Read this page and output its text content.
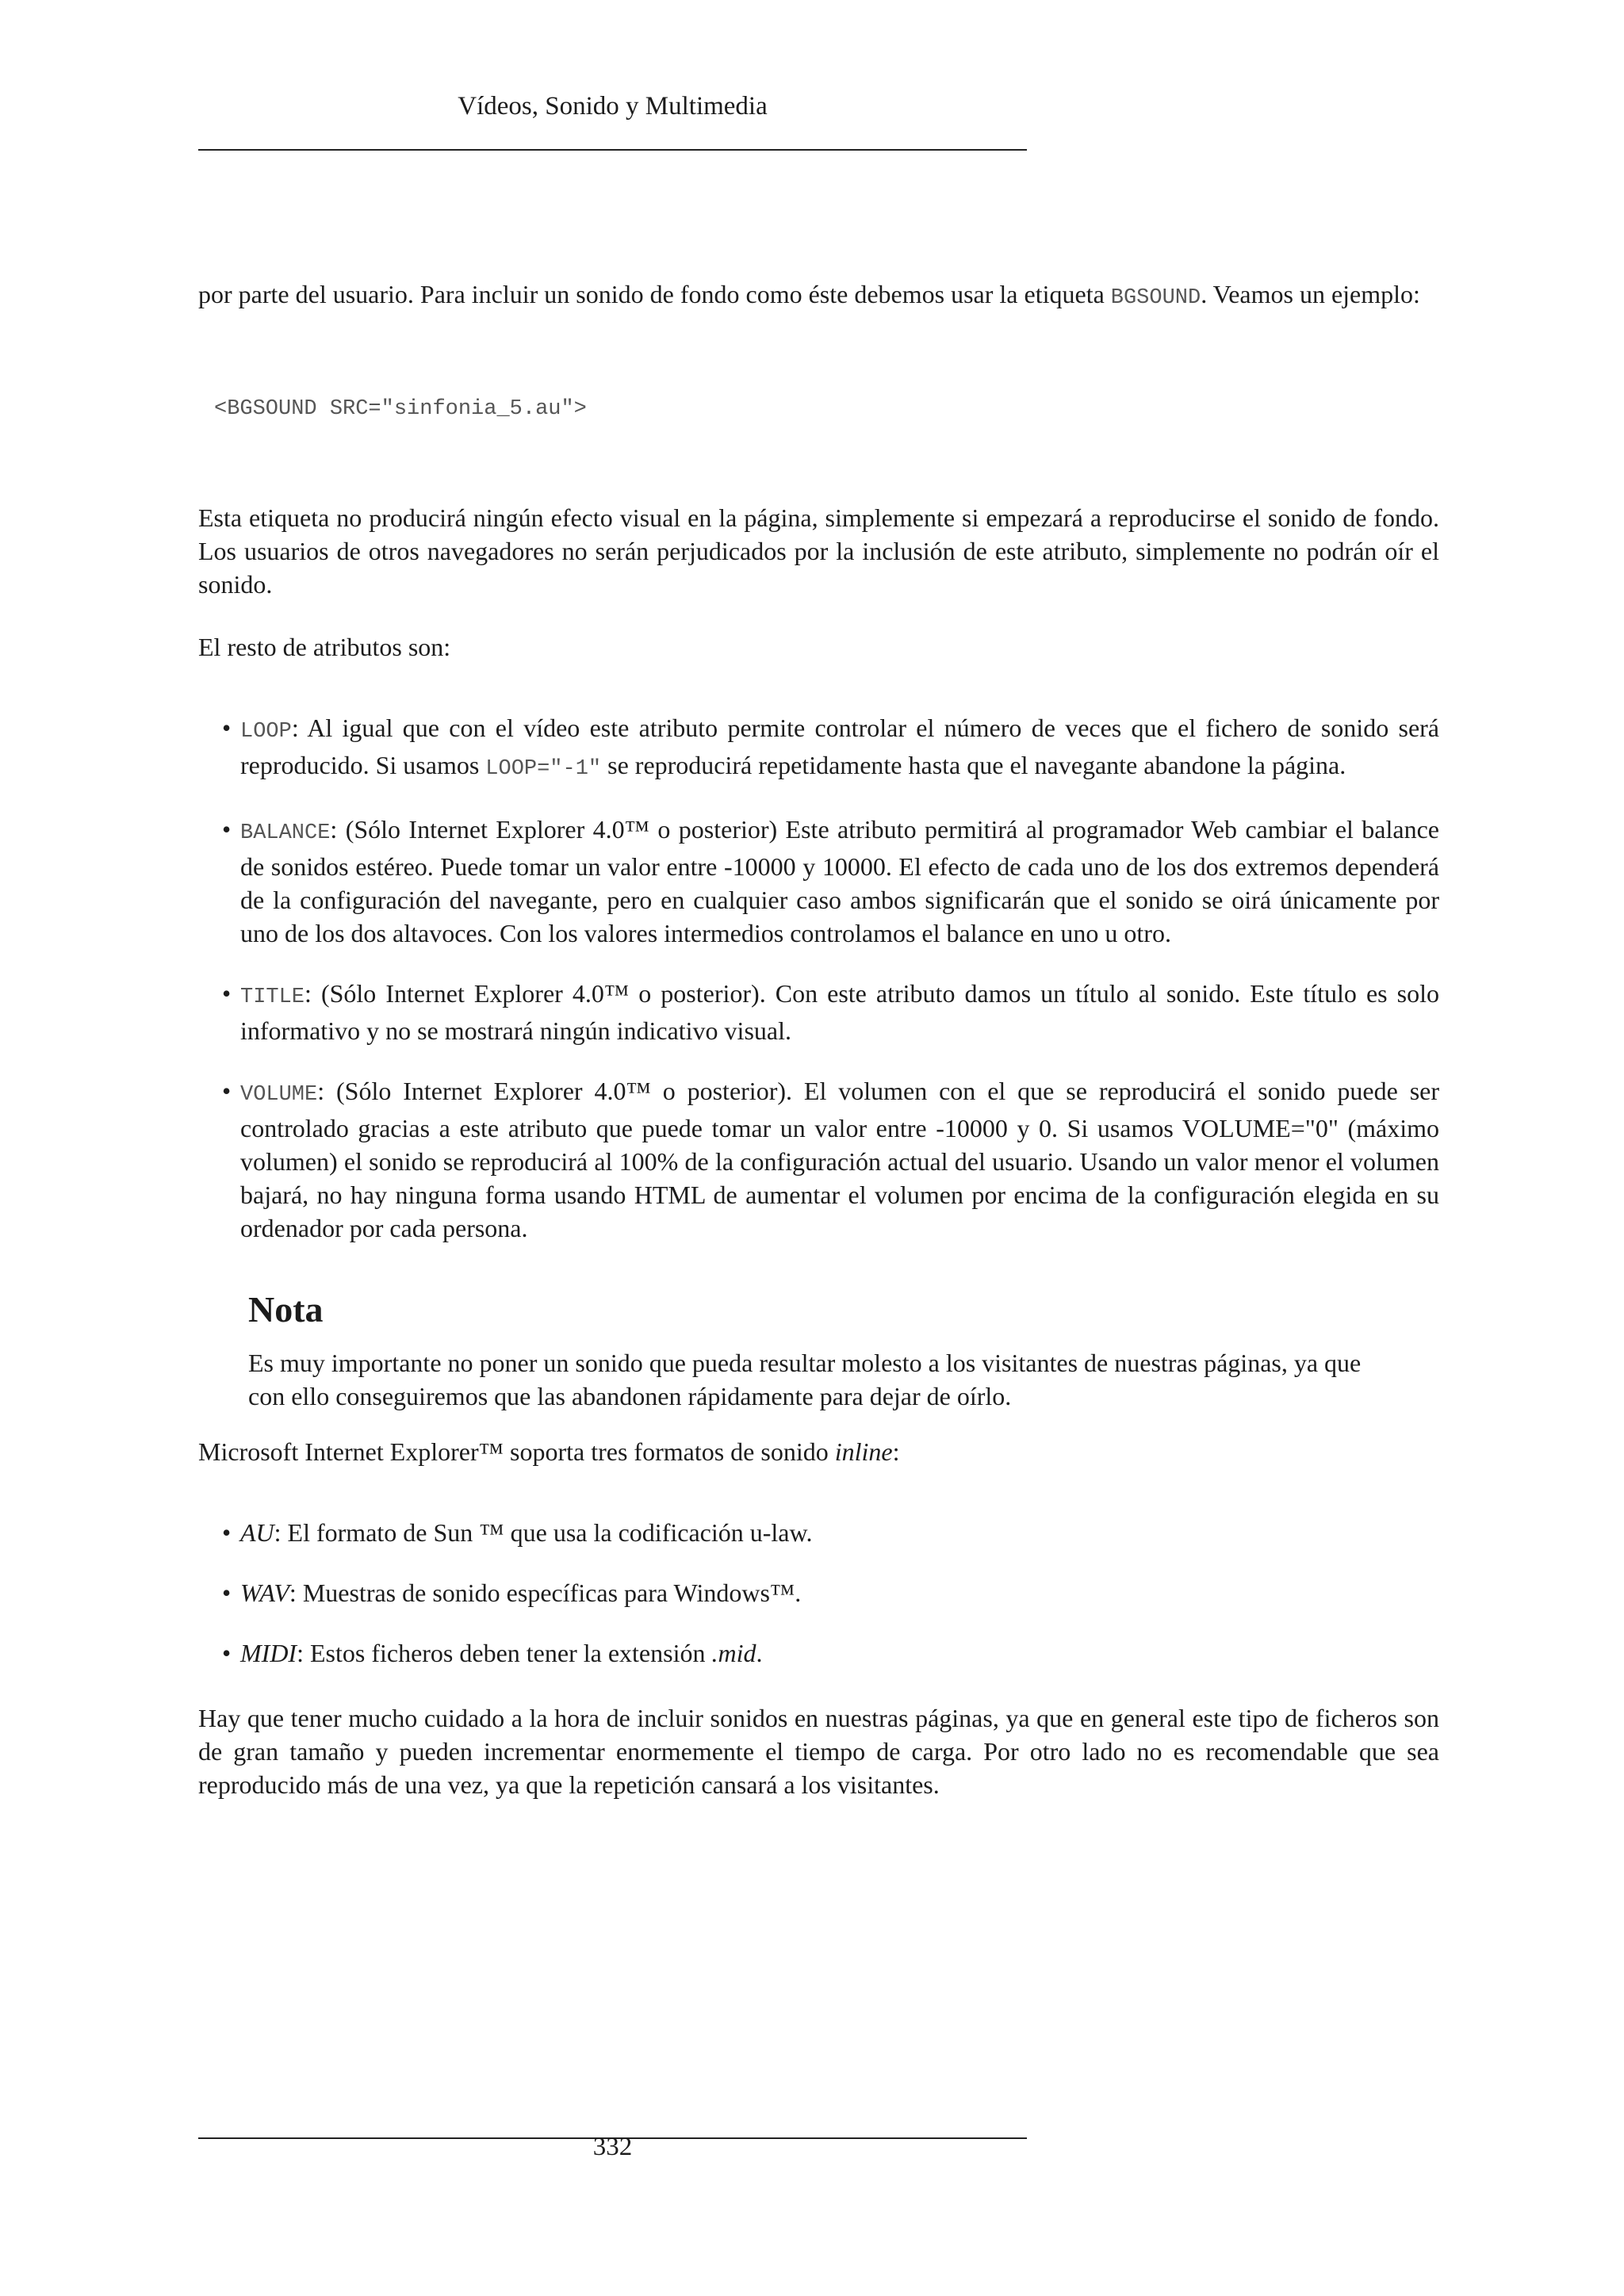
Vídeos, Sonido y Multimedia

por parte del usuario. Para incluir un sonido de fondo como éste debemos usar la etiqueta BGSOUND. Veamos un ejemplo:

<BGSOUND SRC="sinfonia_5.au">

Esta etiqueta no producirá ningún efecto visual en la página, simplemente si empezará a reproducirse el sonido de fondo. Los usuarios de otros navegadores no serán perjudicados por la inclusión de este atributo, simplemente no podrán oír el sonido.

El resto de atributos son:

• LOOP: Al igual que con el vídeo este atributo permite controlar el número de veces que el fichero de sonido será reproducido. Si usamos LOOP="-1" se reproducirá repetidamente hasta que el navegante abandone la página.
• BALANCE: (Sólo Internet Explorer 4.0™ o posterior) Este atributo permitirá al programador Web cambiar el balance de sonidos estéreo. Puede tomar un valor entre -10000 y 10000. El efecto de cada uno de los dos extremos dependerá de la configuración del navegante, pero en cualquier caso ambos significarán que el sonido se oirá únicamente por uno de los dos altavoces. Con los valores intermedios controlamos el balance en uno u otro.
• TITLE: (Sólo Internet Explorer 4.0™ o posterior). Con este atributo damos un título al sonido. Este título es solo informativo y no se mostrará ningún indicativo visual.
• VOLUME: (Sólo Internet Explorer 4.0™ o posterior). El volumen con el que se reproducirá el sonido puede ser controlado gracias a este atributo que puede tomar un valor entre -10000 y 0. Si usamos VOLUME="0" (máximo volumen) el sonido se reproducirá al 100% de la configuración actual del usuario. Usando un valor menor el volumen bajará, no hay ninguna forma usando HTML de aumentar el volumen por encima de la configuración elegida en su ordenador por cada persona.
Nota
Es muy importante no poner un sonido que pueda resultar molesto a los visitantes de nuestras páginas, ya que con ello conseguiremos que las abandonen rápidamente para dejar de oírlo.

Microsoft Internet Explorer™ soporta tres formatos de sonido inline:

• AU: El formato de Sun ™ que usa la codificación u-law.
• WAV: Muestras de sonido específicas para Windows™.
• MIDI: Estos ficheros deben tener la extensión .mid.

Hay que tener mucho cuidado a la hora de incluir sonidos en nuestras páginas, ya que en general este tipo de ficheros son de gran tamaño y pueden incrementar enormemente el tiempo de carga. Por otro lado no es recomendable que sea reproducido más de una vez, ya que la repetición cansará a los visitantes.

332
